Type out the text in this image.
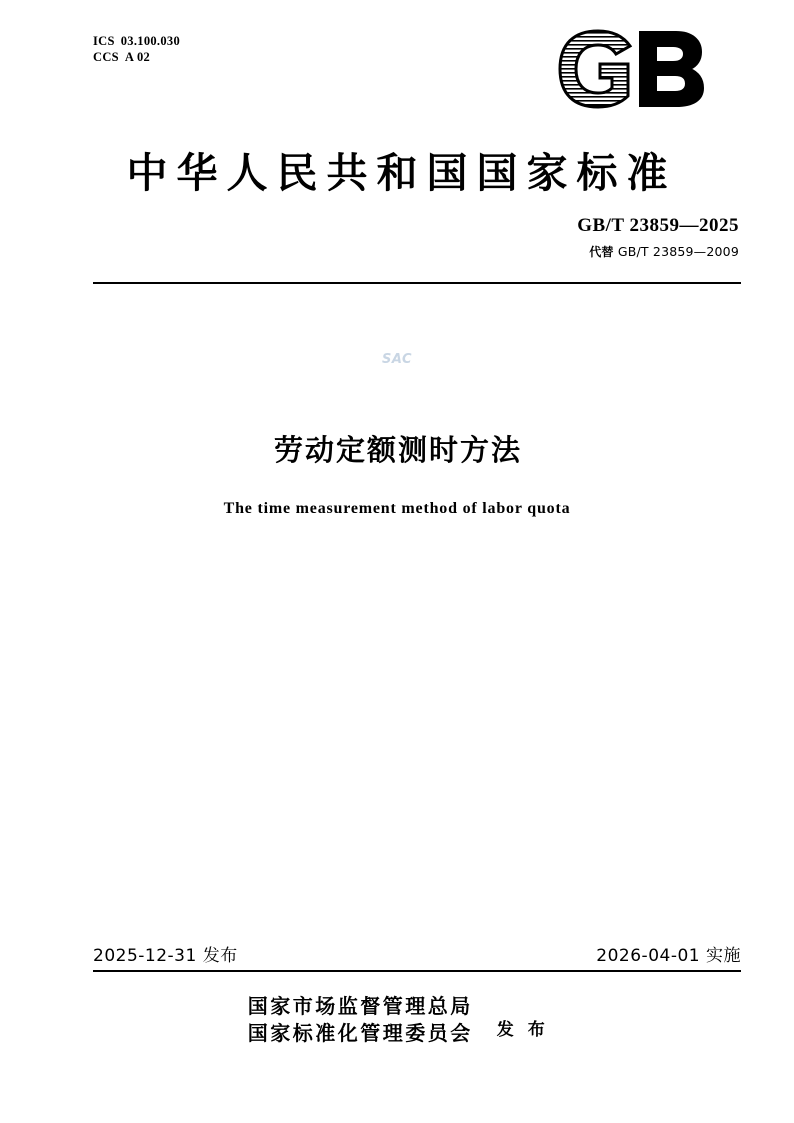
ICS 03.100.030
CCS A 02
中华人民共和国国家标准
GB/T 23859—2025
代替 GB/T 23859—2009
SAC
劳动定额测时方法
The time measurement method of labor quota
2025-12-31 发布	2026-04-01 实施
国家市场监督管理总局
国家标准化管理委员会 发 布
